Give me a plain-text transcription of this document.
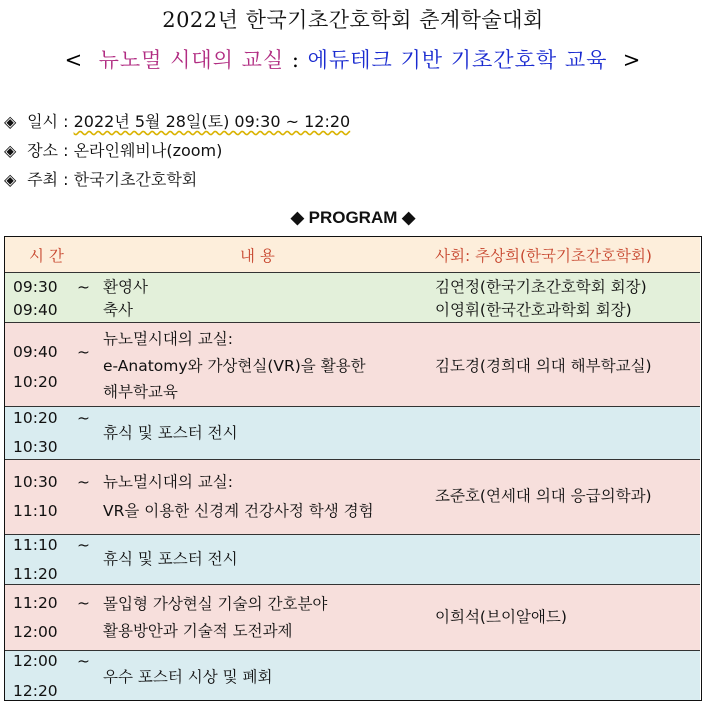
2022년 한국기초간호학회 춘계학술대회
< 뉴노멀 시대의 교실 : 에듀테크 기반 기초간호학 교육 >
◈ 일시 : 2022년 5월 28일(토) 09:30 ~ 12:20
◈ 장소 : 온라인웨비나(zoom)
◈ 주최 : 한국기초간호학회
◆ PROGRAM ◆
시 간	내 용	사회: 추상희(한국기초간호학회)
09:30 ~
09:40
환영사
축사
김연정(한국기초간호학회 회장)
이영휘(한국간호과학회 회장)
09:40 ~
10:20
뉴노멀시대의 교실:
e-Anatomy와 가상현실(VR)을 활용한
해부학교육
김도경(경희대 의대 해부학교실)
10:20 ~
10:30
휴식 및 포스터 전시
10:30 ~
11:10
뉴노멀시대의 교실:
VR을 이용한 신경계 건강사정 학생 경험
조준호(연세대 의대 응급의학과)
11:10 ~
11:20
휴식 및 포스터 전시
11:20 ~
12:00
몰입형 가상현실 기술의 간호분야
활용방안과 기술적 도전과제
이희석(브이알애드)
12:00 ~
12:20
우수 포스터 시상 및 폐회
